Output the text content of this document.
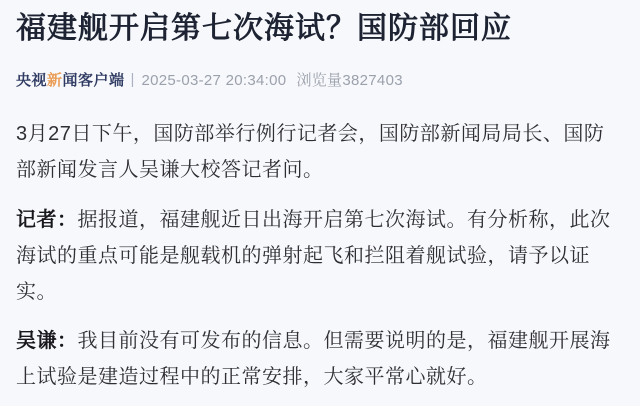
福建舰开启第七次海试？国防部回应
央视新闻客户端 | 2025-03-27 20:34:00 浏览量3827403

3月27日下午，国防部举行例行记者会，国防部新闻局局长、国防部新闻发言人吴谦大校答记者问。

记者：据报道，福建舰近日出海开启第七次海试。有分析称，此次海试的重点可能是舰载机的弹射起飞和拦阻着舰试验，请予以证实。

吴谦：我目前没有可发布的信息。但需要说明的是，福建舰开展海上试验是建造过程中的正常安排，大家平常心就好。
